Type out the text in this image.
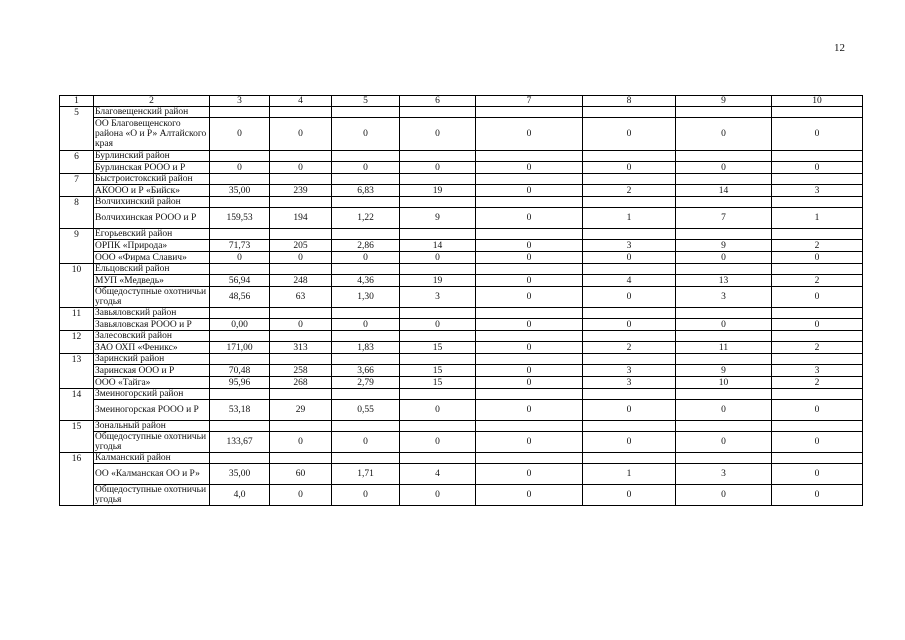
12
1	2	3	4	5	6	7	8	9	10
5	Благовещенский район								
	ОО Благовещенского района «О и Р» Алтайского края	0	0	0	0	0	0	0	0
6	Бурлинский район								
	Бурлинская РООО и Р	0	0	0	0	0	0	0	0
7	Быстроистокский район								
	АКООО и Р «Бийск»	35,00	239	6,83	19	0	2	14	3
8	Волчихинский район								
	Волчихинская РООО и Р	159,53	194	1,22	9	0	1	7	1
9	Егорьевский район								
	ОРПК «Природа»	71,73	205	2,86	14	0	3	9	2
	ООО «Фирма Славич»	0	0	0	0	0	0	0	0
10	Ельцовский район								
	МУП «Медведь»	56,94	248	4,36	19	0	4	13	2
	Общедоступные охотничьи угодья	48,56	63	1,30	3	0	0	3	0
11	Завьяловский район								
	Завьяловская РООО и Р	0,00	0	0	0	0	0	0	0
12	Залесовский район								
	ЗАО ОХП «Феникс»	171,00	313	1,83	15	0	2	11	2
13	Заринский район								
	Заринская ООО и Р	70,48	258	3,66	15	0	3	9	3
	ООО «Тайга»	95,96	268	2,79	15	0	3	10	2
14	Змеиногорский район								
	Змеиногорская РООО и Р	53,18	29	0,55	0	0	0	0	0
15	Зональный район								
	Общедоступные охотничьи угодья	133,67	0	0	0	0	0	0	0
16	Калманский район								
	ОО «Калманская ОО и Р»	35,00	60	1,71	4	0	1	3	0
	Общедоступные охотничьи угодья	4,0	0	0	0	0	0	0	0
